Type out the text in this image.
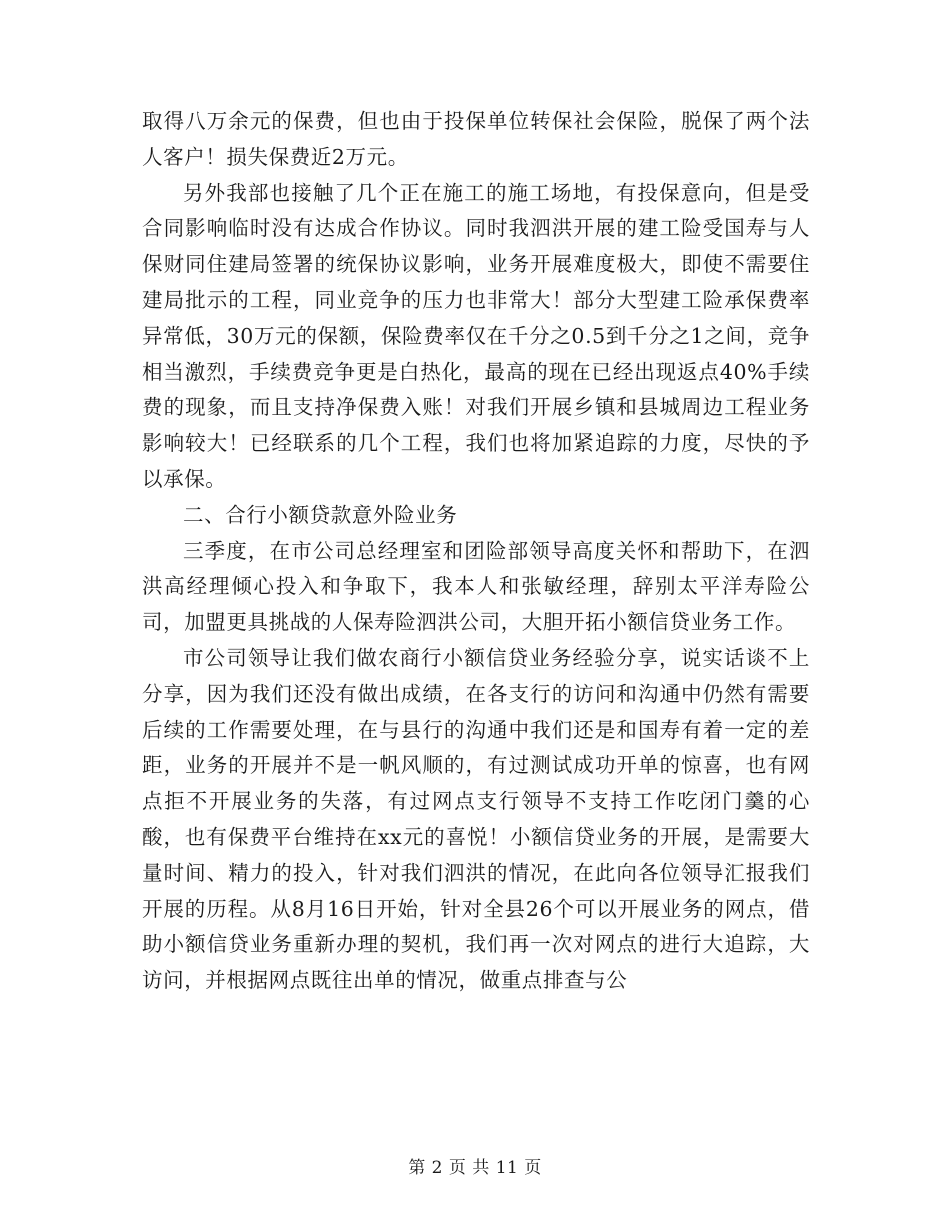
取得八万余元的保费，但也由于投保单位转保社会保险，脱保了两个法人客户！损失保费近2万元。

另外我部也接触了几个正在施工的施工场地，有投保意向，但是受合同影响临时没有达成合作协议。同时我泗洪开展的建工险受国寿与人保财同住建局签署的统保协议影响，业务开展难度极大，即使不需要住建局批示的工程，同业竞争的压力也非常大！部分大型建工险承保费率异常低，30万元的保额，保险费率仅在千分之0.5到千分之1之间，竞争相当激烈，手续费竞争更是白热化，最高的现在已经出现返点40%手续费的现象，而且支持净保费入账！对我们开展乡镇和县城周边工程业务影响较大！已经联系的几个工程，我们也将加紧追踪的力度，尽快的予以承保。

二、合行小额贷款意外险业务

三季度，在市公司总经理室和团险部领导高度关怀和帮助下，在泗洪高经理倾心投入和争取下，我本人和张敏经理，辞别太平洋寿险公司，加盟更具挑战的人保寿险泗洪公司，大胆开拓小额信贷业务工作。

市公司领导让我们做农商行小额信贷业务经验分享，说实话谈不上分享，因为我们还没有做出成绩，在各支行的访问和沟通中仍然有需要后续的工作需要处理，在与县行的沟通中我们还是和国寿有着一定的差距，业务的开展并不是一帆风顺的，有过测试成功开单的惊喜，也有网点拒不开展业务的失落，有过网点支行领导不支持工作吃闭门羹的心酸，也有保费平台维持在xx元的喜悦！小额信贷业务的开展，是需要大量时间、精力的投入，针对我们泗洪的情况，在此向各位领导汇报我们开展的历程。从8月16日开始，针对全县26个可以开展业务的网点，借助小额信贷业务重新办理的契机，我们再一次对网点的进行大追踪，大访问，并根据网点既往出单的情况，做重点排查与公

第 2 页 共 11 页
